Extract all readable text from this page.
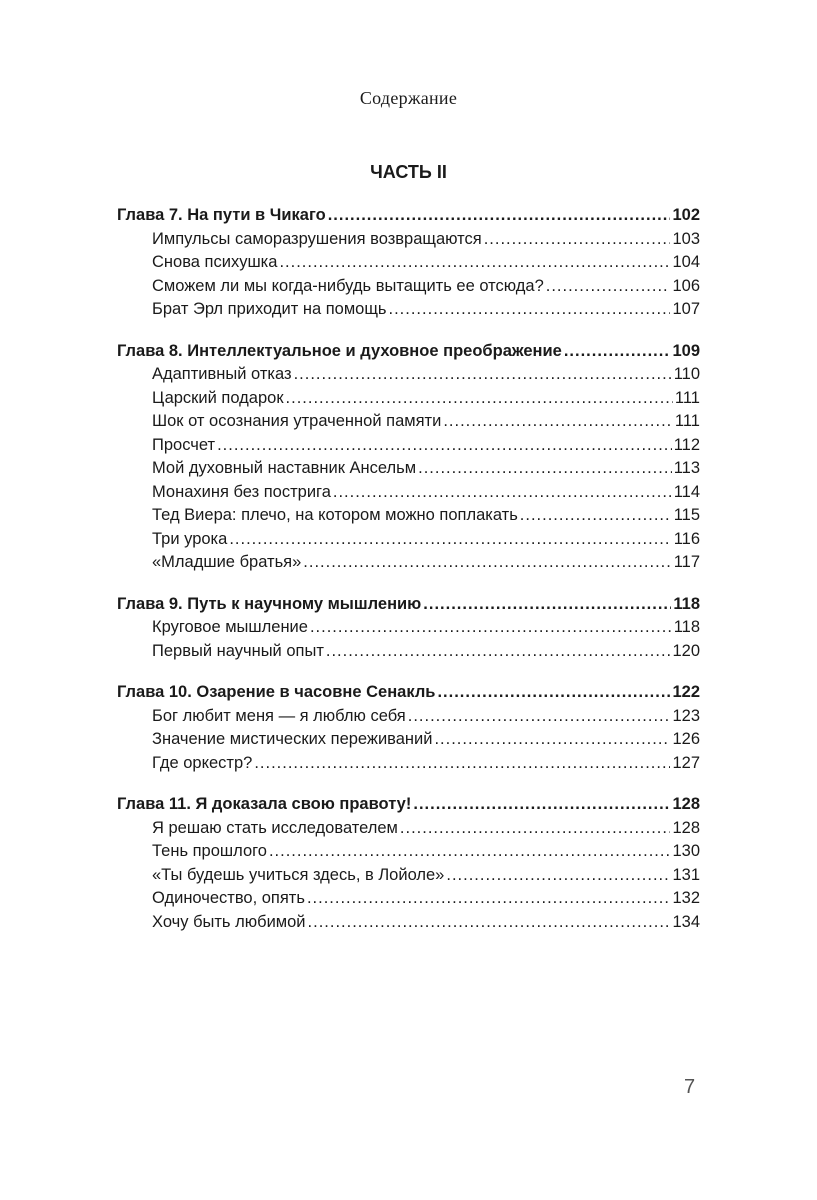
Содержание
ЧАСТЬ II
Глава 7. На пути в Чикаго .....	102
Импульсы саморазрушения возвращаются .....	103
Снова психушка .....	104
Сможем ли мы когда-нибудь вытащить ее отсюда? .....	106
Брат Эрл приходит на помощь .....	107
Глава 8. Интеллектуальное и духовное преображение .....	109
Адаптивный отказ .....	110
Царский подарок .....	111
Шок от осознания утраченной памяти .....	111
Просчет .....	112
Мой духовный наставник Ансельм .....	113
Монахиня без пострига .....	114
Тед Виера: плечо, на котором можно поплакать .....	115
Три урока .....	116
«Младшие братья» .....	117
Глава 9. Путь к научному мышлению .....	118
Круговое мышление .....	118
Первый научный опыт .....	120
Глава 10. Озарение в часовне Сенакль .....	122
Бог любит меня — я люблю себя .....	123
Значение мистических переживаний .....	126
Где оркестр? .....	127
Глава 11. Я доказала свою правоту! .....	128
Я решаю стать исследователем .....	128
Тень прошлого .....	130
«Ты будешь учиться здесь, в Лойоле» .....	131
Одиночество, опять .....	132
Хочу быть любимой .....	134
7
